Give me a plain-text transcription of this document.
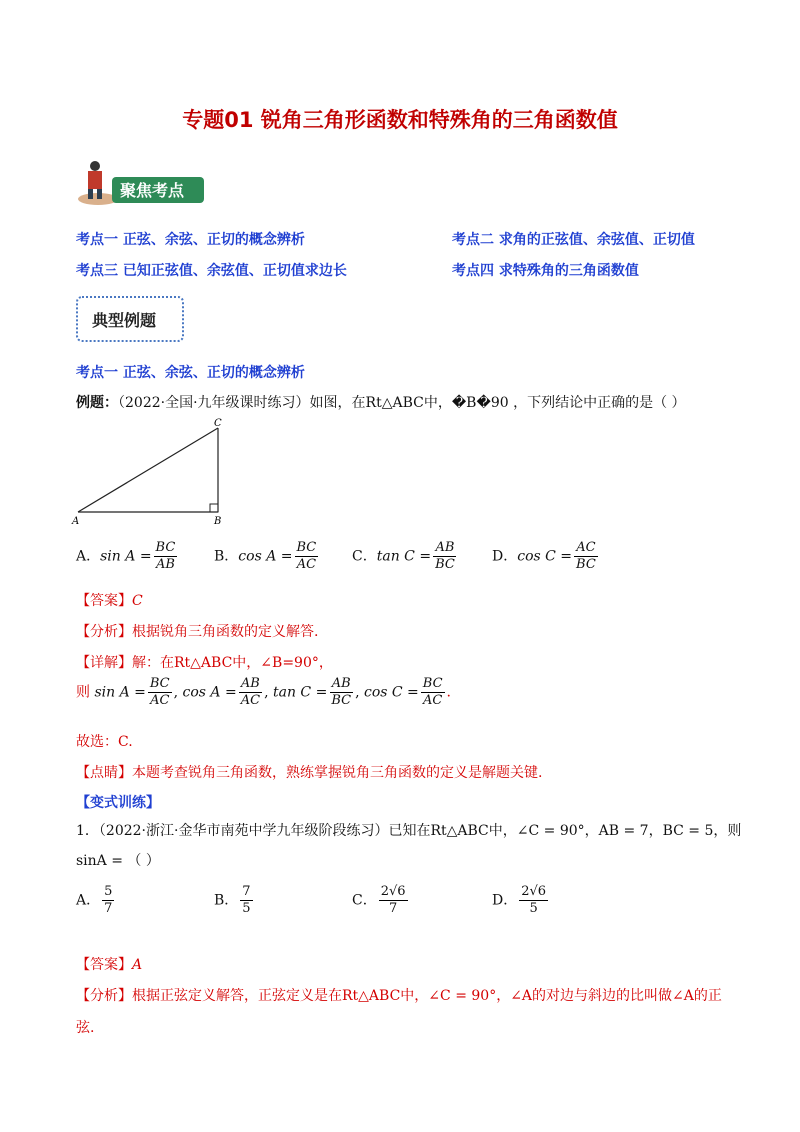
专题01 锐角三角形函数和特殊角的三角函数值
聚焦考点
考点一 正弦、余弦、正切的概念辨析	考点二 求角的正弦值、余弦值、正切值
考点三 已知正弦值、余弦值、正切值求边长	考点四 求特殊角的三角函数值
典型例题
考点一 正弦、余弦、正切的概念辨析
例题：（2022·全国·九年级课时练习）如图，在Rt△ABC中，�B�90 ，下列结论中正确的是（ ）
A	B
C
A．$\sin A = \frac{BC}{AB}$	B．$\cos A = \frac{BC}{AC}$ C．$\tan C = \frac{AB}{BC}$	D．$\cos C = \frac{AC}{BC}$
【答案】C
【分析】根据锐角三角函数的定义解答.
【详解】解：在Rt△ABC中，∠B=90°，
则 $\sin A = \frac{BC}{AC}$ , $\cos A = \frac{AB}{AC}$ , $\tan C = \frac{AB}{BC}$ , $\cos C = \frac{BC}{AC}$ .
故选：C.
【点睛】本题考查锐角三角函数，熟练掌握锐角三角函数的定义是解题关键.
【变式训练】
1．（2022·浙江·金华市南苑中学九年级阶段练习）已知在Rt△ABC中，∠C = 90°，AB = 7，BC = 5，则
sinA = （ ）
A． $\frac{5}{7}$	B． $\frac{7}{5}$	C． $\frac{2√6}{7}$	D． $\frac{2√6}{5}$
【答案】A
【分析】根据正弦定义解答，正弦定义是在Rt△ABC中，∠C = 90°，∠A的对边与斜边的比叫做∠A的正
弦.
